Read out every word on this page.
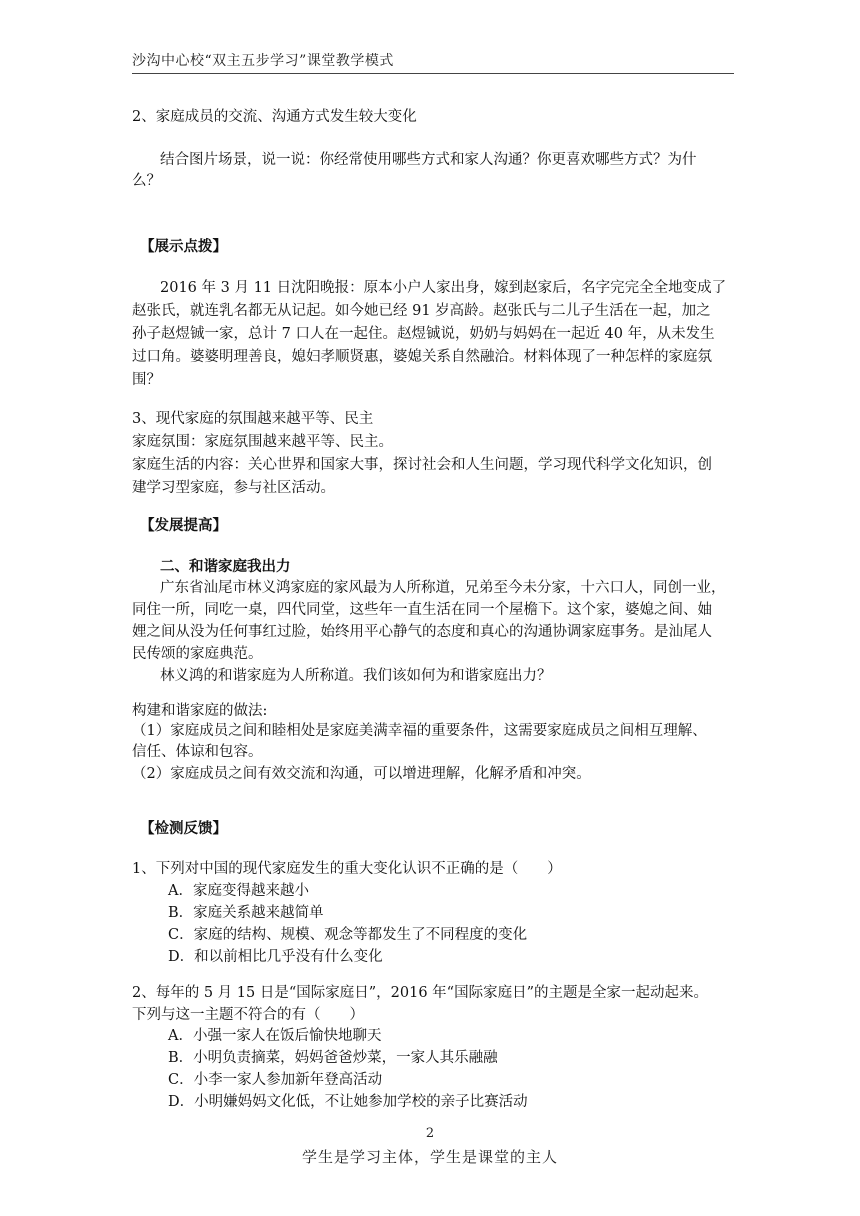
沙沟中心校“双主五步学习”课堂教学模式
2、家庭成员的交流、沟通方式发生较大变化
结合图片场景，说一说：你经常使用哪些方式和家人沟通？你更喜欢哪些方式？为什
么？
【展示点拨】
2016 年 3 月 11 日沈阳晚报：原本小户人家出身，嫁到赵家后，名字完完全全地变成了
赵张氏，就连乳名都无从记起。如今她已经 91 岁高龄。赵张氏与二儿子生活在一起，加之
孙子赵煜铖一家，总计 7 口人在一起住。赵煜铖说，奶奶与妈妈在一起近 40 年，从未发生
过口角。婆婆明理善良，媳妇孝顺贤惠，婆媳关系自然融洽。材料体现了一种怎样的家庭氛
围？
3、现代家庭的氛围越来越平等、民主
家庭氛围：家庭氛围越来越平等、民主。
家庭生活的内容：关心世界和国家大事，探讨社会和人生问题，学习现代科学文化知识，创
建学习型家庭，参与社区活动。
【发展提高】
二、和谐家庭我出力
广东省汕尾市林义鸿家庭的家风最为人所称道，兄弟至今未分家，十六口人，同创一业，
同住一所，同吃一桌，四代同堂，这些年一直生活在同一个屋檐下。这个家，婆媳之间、妯
娌之间从没为任何事红过脸，始终用平心静气的态度和真心的沟通协调家庭事务。是汕尾人
民传颂的家庭典范。
林义鸿的和谐家庭为人所称道。我们该如何为和谐家庭出力？
构建和谐家庭的做法:
（1）家庭成员之间和睦相处是家庭美满幸福的重要条件，这需要家庭成员之间相互理解、
信任、体谅和包容。
（2）家庭成员之间有效交流和沟通，可以增进理解，化解矛盾和冲突。
【检测反馈】
1、下列对中国的现代家庭发生的重大变化认识不正确的是（　　）
A．家庭变得越来越小
B．家庭关系越来越简单
C．家庭的结构、规模、观念等都发生了不同程度的变化
D．和以前相比几乎没有什么变化
2、每年的 5 月 15 日是“国际家庭日”，2016 年“国际家庭日”的主题是全家一起动起来。
下列与这一主题不符合的有（　　）
A．小强一家人在饭后愉快地聊天
B．小明负责摘菜，妈妈爸爸炒菜，一家人其乐融融
C．小李一家人参加新年登高活动
D．小明嫌妈妈文化低，不让她参加学校的亲子比赛活动
2
学生是学习主体，学生是课堂的主人
